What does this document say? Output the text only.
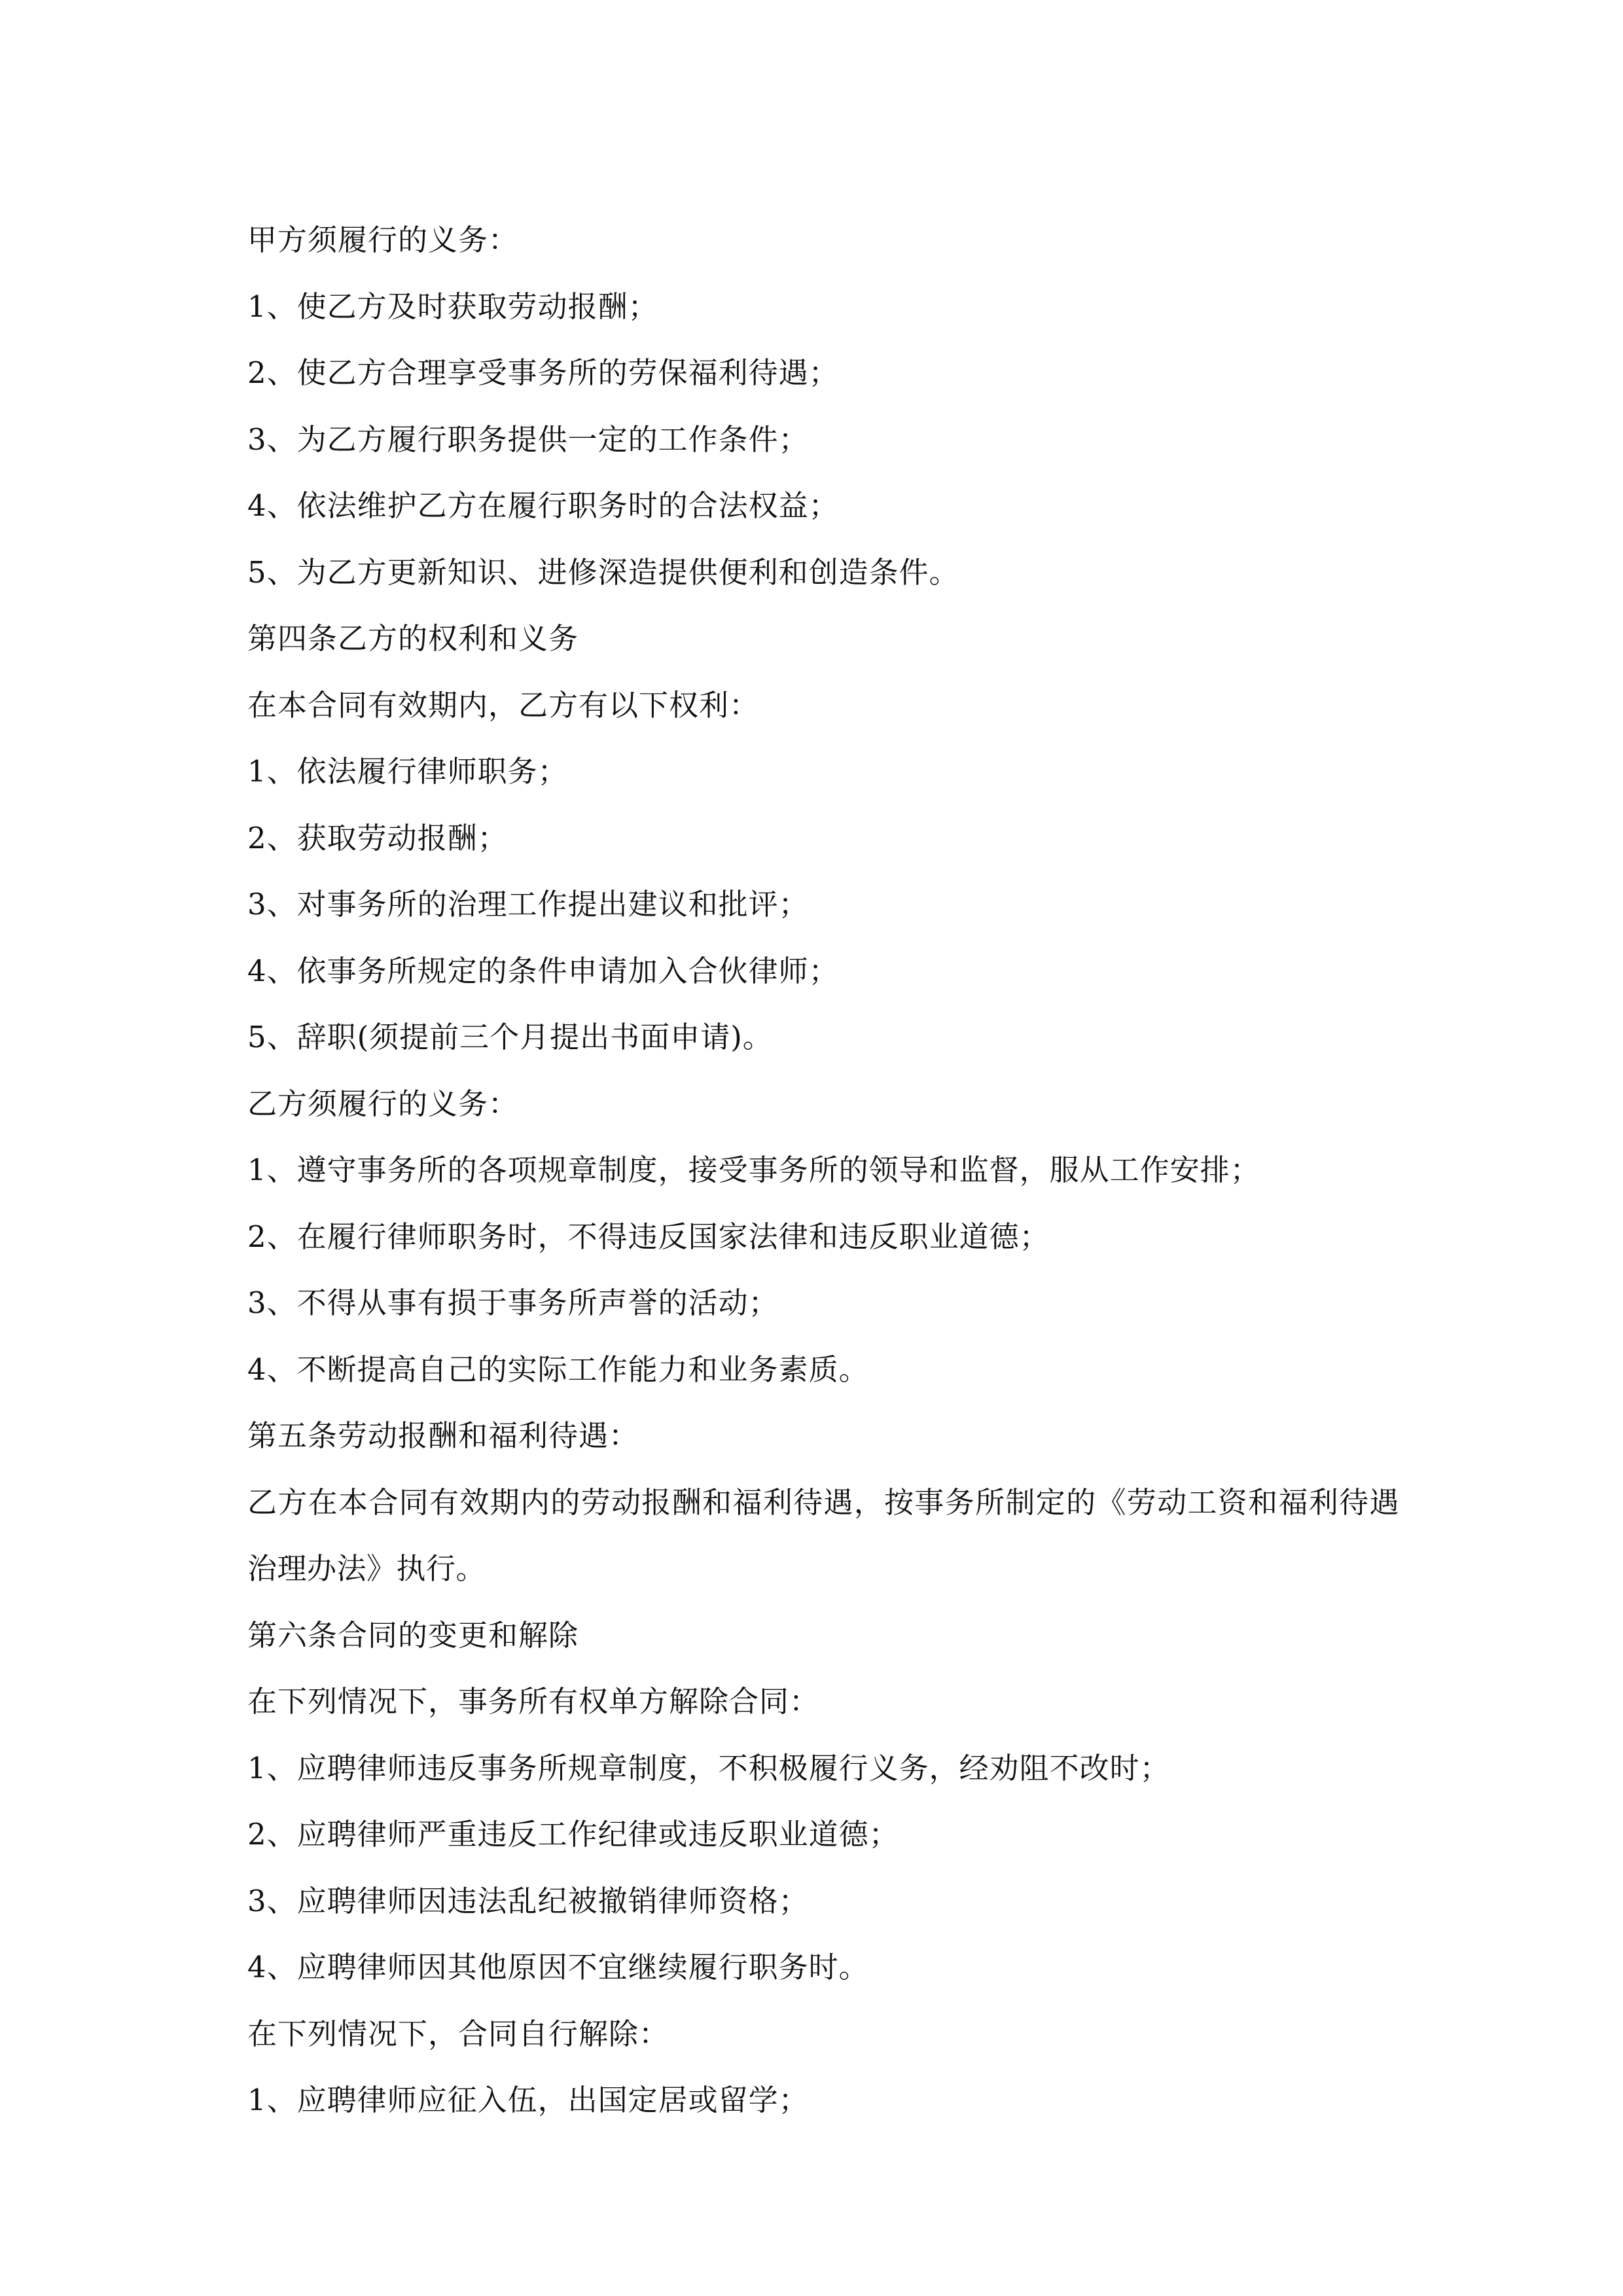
甲方须履行的义务：
1、使乙方及时获取劳动报酬；
2、使乙方合理享受事务所的劳保福利待遇；
3、为乙方履行职务提供一定的工作条件；
4、依法维护乙方在履行职务时的合法权益；
5、为乙方更新知识、进修深造提供便利和创造条件。
第四条乙方的权利和义务
在本合同有效期内，乙方有以下权利：
1、依法履行律师职务；
2、获取劳动报酬；
3、对事务所的治理工作提出建议和批评；
4、依事务所规定的条件申请加入合伙律师；
5、辞职(须提前三个月提出书面申请)。
乙方须履行的义务：
1、遵守事务所的各项规章制度，接受事务所的领导和监督，服从工作安排；
2、在履行律师职务时，不得违反国家法律和违反职业道德；
3、不得从事有损于事务所声誉的活动；
4、不断提高自己的实际工作能力和业务素质。
第五条劳动报酬和福利待遇：
乙方在本合同有效期内的劳动报酬和福利待遇，按事务所制定的《劳动工资和福利待遇治理办法》执行。
第六条合同的变更和解除
在下列情况下，事务所有权单方解除合同：
1、应聘律师违反事务所规章制度，不积极履行义务，经劝阻不改时；
2、应聘律师严重违反工作纪律或违反职业道德；
3、应聘律师因违法乱纪被撤销律师资格；
4、应聘律师因其他原因不宜继续履行职务时。
在下列情况下，合同自行解除：
1、应聘律师应征入伍，出国定居或留学；
